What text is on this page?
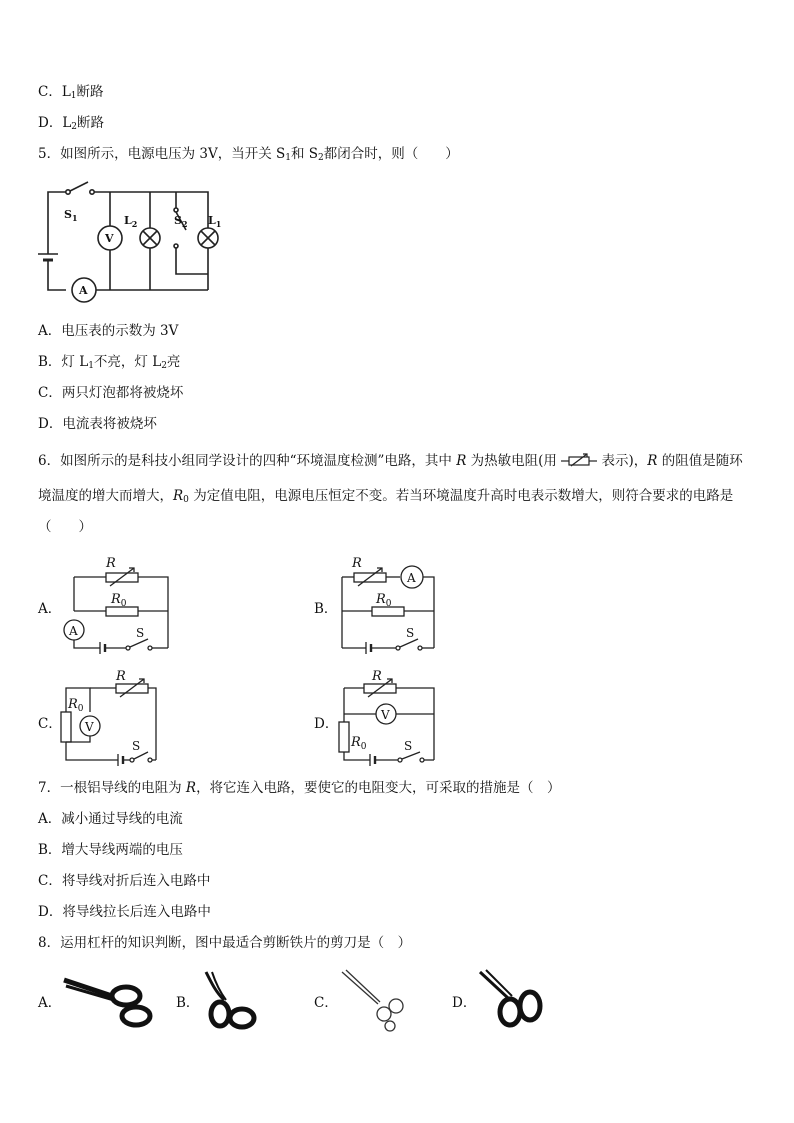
C．$L_1$断路
D．$L_2$断路
5．如图所示，电源电压为 3V，当开关 $S_1$和 $S_2$都闭合时，则（　　）
$S_1$
V
A
$L_2$	$S_2$ $L_1$
A．电压表的示数为 3V
B．灯 $L_1$不亮，灯 $L_2$亮
C．两只灯泡都将被烧坏
D．电流表将被烧坏
6．如图所示的是科技小组同学设计的四种“环境温度检测”电路，其中 R 为热敏电阻(用	表示)，R 的阻值是随环
境温度的增大而增大，$R_0$ 为定值电阻，电源电压恒定不变。若当环境温度升高时电表示数增大，则符合要求的电路是
（　　）
A．
R
$R_0$
A	S
B．
R
$R_0$
A
S
C．
R
$R_0$
V
S
D．
R
$R_0$
V
S
7．一根铝导线的电阻为 R，将它连入电路，要使它的电阻变大，可采取的措施是（　）
A．减小通过导线的电流
B．增大导线两端的电压
C．将导线对折后连入电路中
D．将导线拉长后连入电路中
8．运用杠杆的知识判断，图中最适合剪断铁片的剪刀是（　）
A．	B．	C．	D．
